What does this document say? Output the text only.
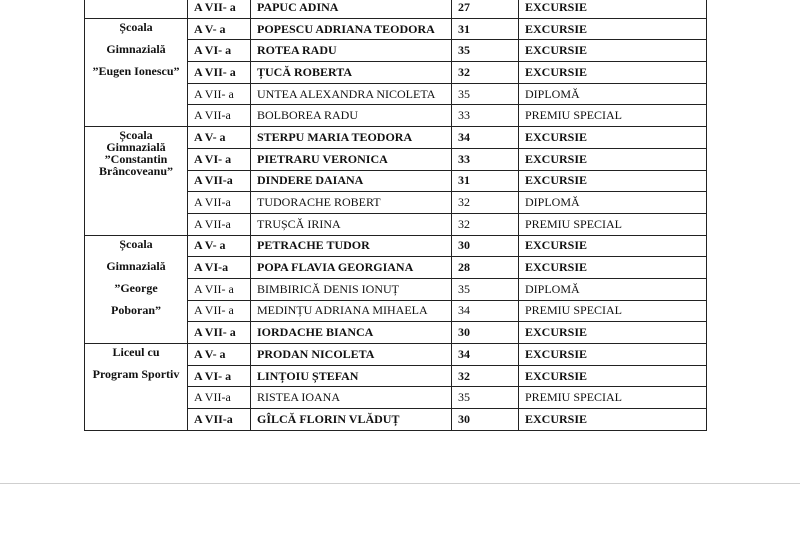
	A VII- a	PAPUC ADINA	27	EXCURSIE

Școala
Gimnazială
”Eugen Ionescu”	A V- a	POPESCU ADRIANA TEODORA	31	EXCURSIE
	A VI- a	ROTEA RADU	35	EXCURSIE
	A VII- a	ȚUCĂ ROBERTA	32	EXCURSIE
	A VII- a	UNTEA ALEXANDRA NICOLETA	35	DIPLOMĂ
	A VII-a	BOLBOREA RADU	33	PREMIU SPECIAL

Școala
Gimnazială
”Constantin
Brâncoveanu”	A V- a	STERPU MARIA TEODORA	34	EXCURSIE
	A VI- a	PIETRARU VERONICA	33	EXCURSIE
	A VII-a	DINDERE DAIANA	31	EXCURSIE
	A VII-a	TUDORACHE ROBERT	32	DIPLOMĂ
	A VII-a	TRUȘCĂ IRINA	32	PREMIU SPECIAL

Școala
Gimnazială
”George
Poboran”	A V- a	PETRACHE TUDOR	30	EXCURSIE
	A VI-a	POPA FLAVIA GEORGIANA	28	EXCURSIE
	A VII- a	BIMBIRICĂ DENIS IONUȚ	35	DIPLOMĂ
	A VII- a	MEDINȚU ADRIANA MIHAELA	34	PREMIU SPECIAL
	A VII- a	IORDACHE BIANCA	30	EXCURSIE

Liceul cu
Program Sportiv	A V- a	PRODAN NICOLETA	34	EXCURSIE
	A VI- a	LINȚOIU ȘTEFAN	32	EXCURSIE
	A VII-a	RISTEA IOANA	35	PREMIU SPECIAL
	A VII-a	GÎLCĂ FLORIN VLĂDUȚ	30	EXCURSIE
